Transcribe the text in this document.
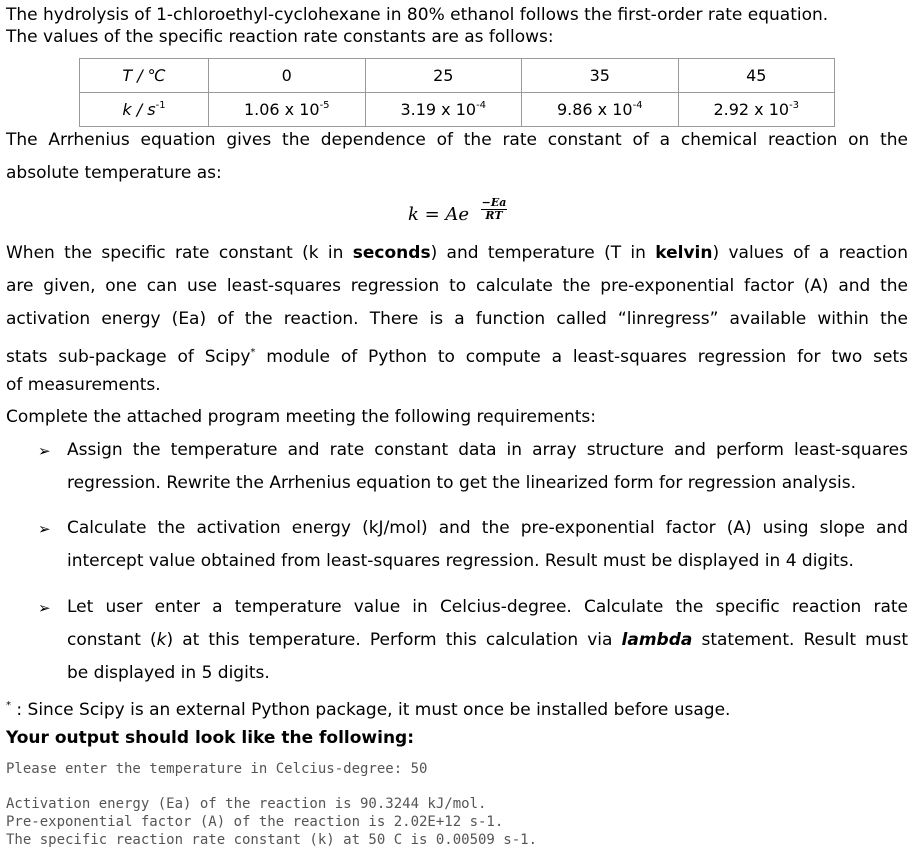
The hydrolysis of 1-chloroethyl-cyclohexane in 80% ethanol follows the first-order rate equation.
The values of the specific reaction rate constants are as follows:
T / ℃	0	25	35	45
k / $s^{-1}$	1.06 x $10^{-5}$	3.19 x $10^{-4}$	9.86 x $10^{-4}$	2.92 x $10^{-3}$
The Arrhenius equation gives the dependence of the rate constant of a chemical reaction on the
absolute temperature as:
k = Ae $\frac{-Ea}{RT}$
When the specific rate constant (k in seconds) and temperature (T in kelvin) values of a reaction
are given, one can use least-squares regression to calculate the pre-exponential factor (A) and the
activation energy (Ea) of the reaction. There is a function called “linregress” available within the
stats sub-package of Scipy* module of Python to compute a least-squares regression for two sets
of measurements.
Complete the attached program meeting the following requirements:
➢ Assign the temperature and rate constant data in array structure and perform least-squares
regression. Rewrite the Arrhenius equation to get the linearized form for regression analysis.
➢ Calculate the activation energy (kJ/mol) and the pre-exponential factor (A) using slope and
intercept value obtained from least-squares regression. Result must be displayed in 4 digits.
➢ Let user enter a temperature value in Celcius-degree. Calculate the specific reaction rate
constant (k) at this temperature. Perform this calculation via lambda statement. Result must
be displayed in 5 digits.
* : Since Scipy is an external Python package, it must once be installed before usage.
Your output should look like the following:
Please enter the temperature in Celcius-degree: 50
Activation energy (Ea) of the reaction is 90.3244 kJ/mol.
Pre-exponential factor (A) of the reaction is 2.02E+12 s-1.
The specific reaction rate constant (k) at 50 C is 0.00509 s-1.
